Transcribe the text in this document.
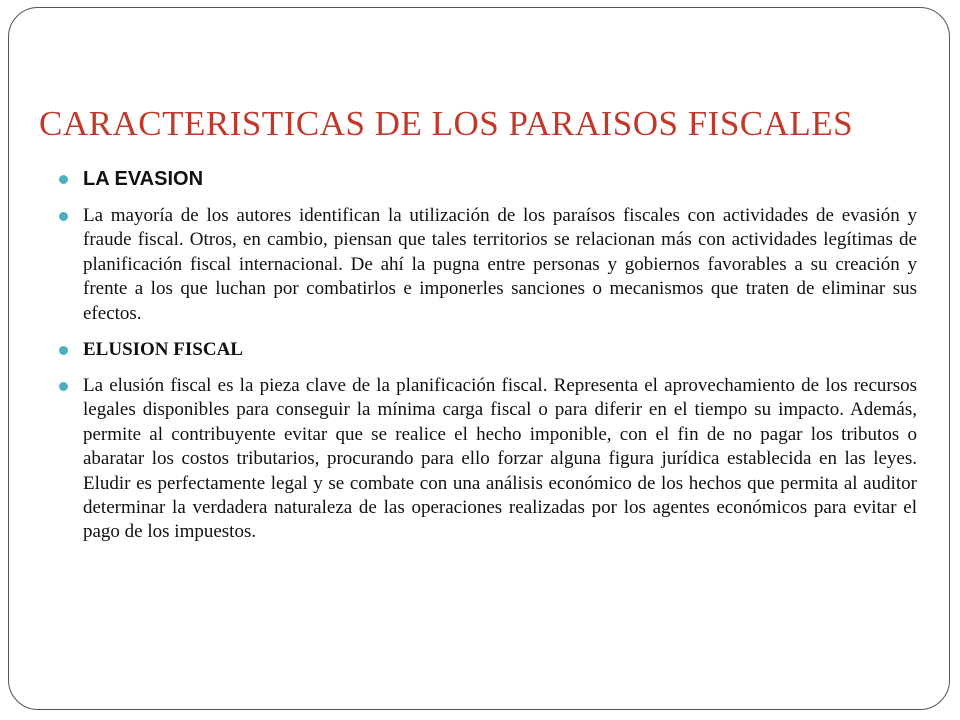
CARACTERISTICAS DE LOS PARAISOS FISCALES
LA EVASION
La mayoría de los autores identifican la utilización de los paraísos fiscales con actividades de evasión y fraude fiscal. Otros, en cambio, piensan que tales territorios se relacionan más con actividades legítimas de planificación fiscal internacional. De ahí la pugna entre personas y gobiernos favorables a su creación y frente a los que luchan por combatirlos e imponerles sanciones o mecanismos que traten de eliminar sus efectos.
ELUSION FISCAL
La elusión fiscal es la pieza clave de la planificación fiscal. Representa el aprovechamiento de los recursos legales disponibles para conseguir la mínima carga fiscal o para diferir en el tiempo su impacto. Además, permite al contribuyente evitar que se realice el hecho imponible, con el fin de no pagar los tributos o abaratar los costos tributarios, procurando para ello forzar alguna figura jurídica establecida en las leyes. Eludir es perfectamente legal y se combate con una análisis económico de los hechos que permita al auditor determinar la verdadera naturaleza de las operaciones realizadas por los agentes económicos para evitar el pago de los impuestos.
